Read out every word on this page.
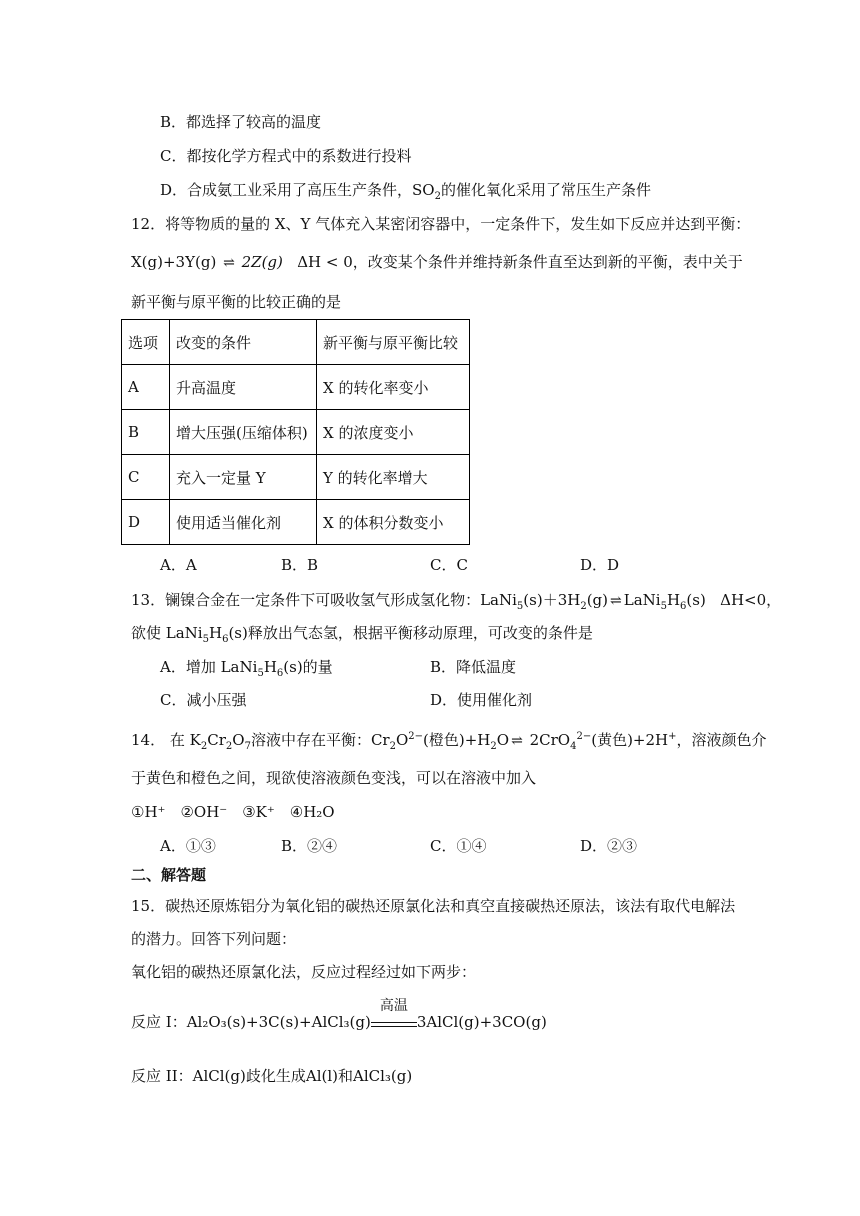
B．都选择了较高的温度
C．都按化学方程式中的系数进行投料
D．合成氨工业采用了高压生产条件，$SO_2$的催化氧化采用了常压生产条件
12．将等物质的量的 X、Y 气体充入某密闭容器中，一定条件下，发生如下反应并达到平衡：
X(g)+3Y(g) ⇌ 2Z(g) ΔH < 0，改变某个条件并维持新条件直至达到新的平衡，表中关于
新平衡与原平衡的比较正确的是
选项	改变的条件	新平衡与原平衡比较
A	升高温度	X 的转化率变小
B	增大压强(压缩体积)	X 的浓度变小
C	充入一定量 Y	Y 的转化率增大
D	使用适当催化剂	X 的体积分数变小
A．A	B．B	C．C	D．D
13．镧镍合金在一定条件下可吸收氢气形成氢化物：$LaNi_5(s)+3H_2(g)$ ⇌ $LaNi_5H_6(s)$ ΔH<0，
欲使 $LaNi_5H_6(s)$释放出气态氢，根据平衡移动原理，可改变的条件是
A．增加 $LaNi_5H_6(s)$的量	B．降低温度
C．减小压强	D．使用催化剂
14． 在 $K_2Cr_2O_7$溶液中存在平衡：$Cr_2O^{2-}$(橙色)$+H_2O$ ⇌ 2CrO$_4^{2-}$(黄色)+2H+，溶液颜色介
于黄色和橙色之间，现欲使溶液颜色变浅，可以在溶液中加入
①H⁺　②OH⁻　③K⁺　④H₂O
A．①③	B．②④	C．①④	D．②③
二、解答题
15．碳热还原炼铝分为氧化铝的碳热还原氯化法和真空直接碳热还原法，该法有取代电解法
的潜力。回答下列问题：
氧化铝的碳热还原氯化法，反应过程经过如下两步：
反应 I：Al₂O₃(s)+3C(s)+AlCl₃(g)
高温
3AlCl(g)+3CO(g)
反应 II：AlCl(g)歧化生成Al(l)和AlCl₃(g)
